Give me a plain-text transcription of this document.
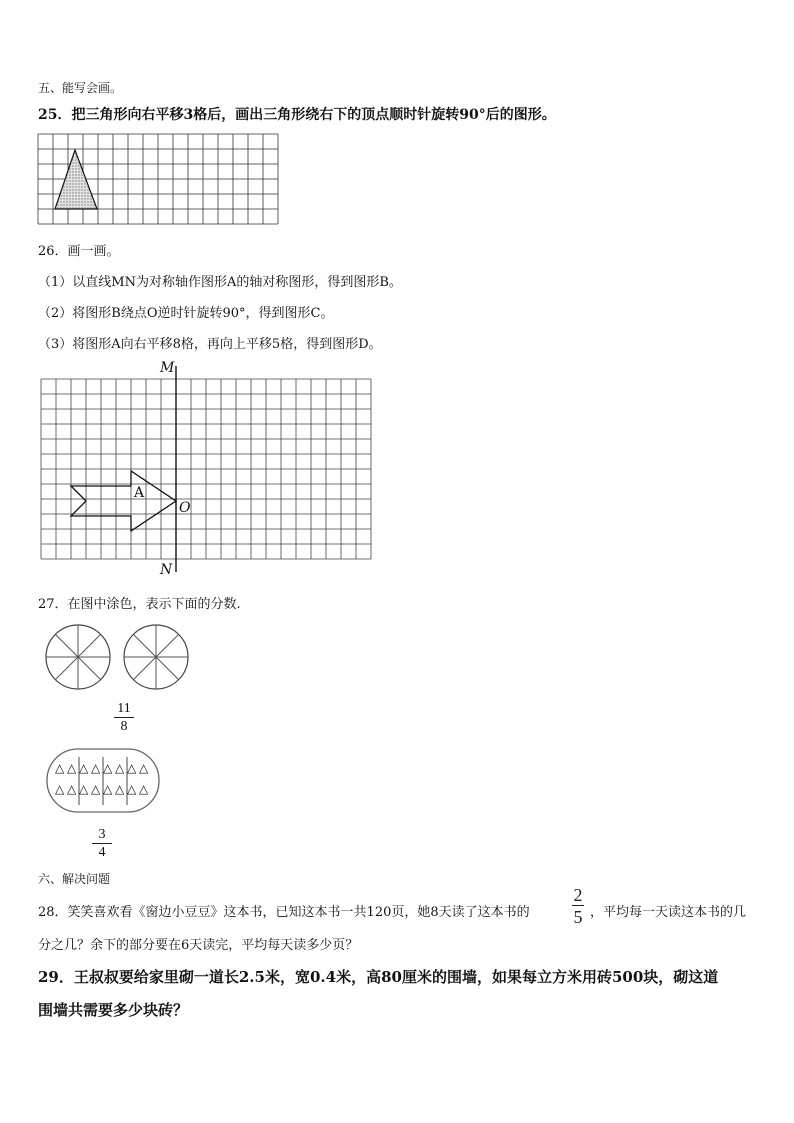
五、能写会画。
25．把三角形向右平移3格后，画出三角形绕右下的顶点顺时针旋转90°后的图形。
26．画一画。
（1）以直线MN为对称轴作图形A的轴对称图形，得到图形B。
（2）将图形B绕点O逆时针旋转90°，得到图形C。
（3）将图形A向右平移8格，再向上平移5格，得到图形D。
M
N
O
A
27．在图中涂色，表示下面的分数.
11
8
△ △ △ △ △ △ △ △
△ △ △ △ △ △ △ △
3
4
六、解决问题
28．笑笑喜欢看《窗边小豆豆》这本书，已知这本书一共120页，她8天读了这本书的
2
5 ，平均每一天读这本书的几
分之几？余下的部分要在6天读完，平均每天读多少页？
29．王叔叔要给家里砌一道长2.5米，宽0.4米，高80厘米的围墙，如果每立方米用砖500块，砌这道
围墙共需要多少块砖？
